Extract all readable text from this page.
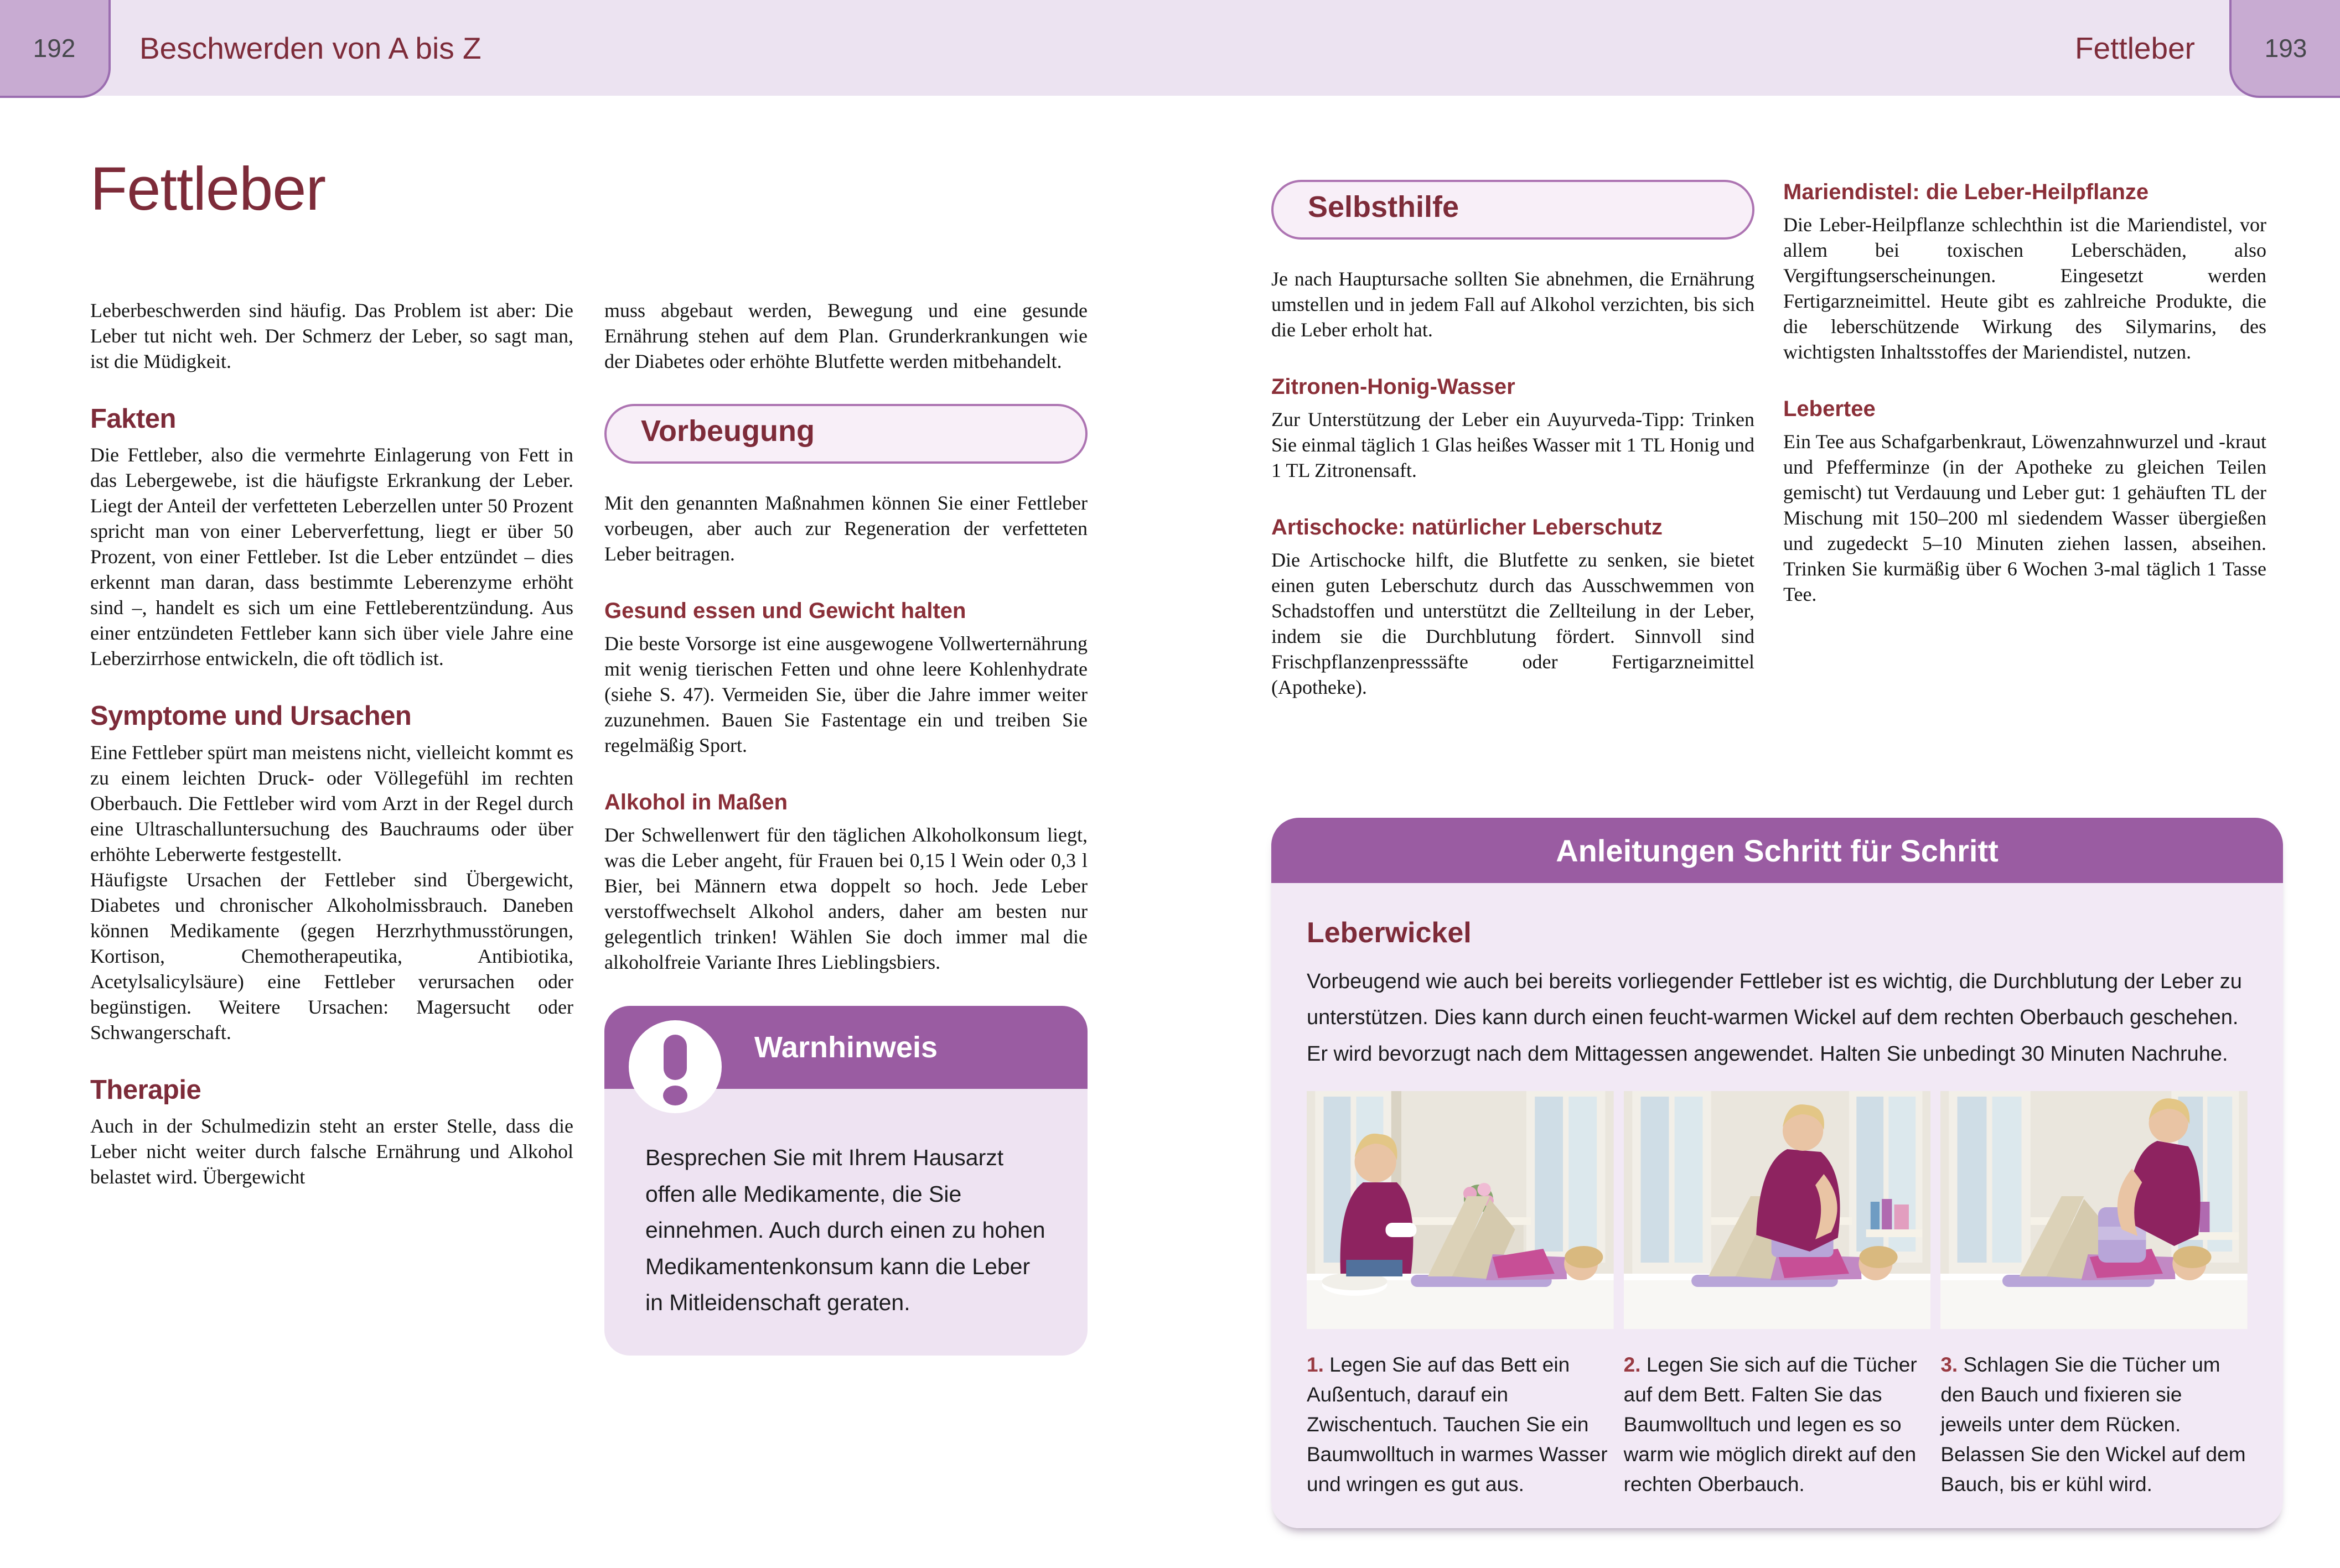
192 Beschwerden von A bis Z	Fettleber	193
Fettleber

Leberbeschwerden sind häufig. Das Problem ist aber: Die Leber tut nicht weh. Der Schmerz der Leber, so sagt man, ist die Müdigkeit.

Fakten

Die Fettleber, also die vermehrte Einlagerung von Fett in das Lebergewebe, ist die häufigste Erkrankung der Leber. Liegt der Anteil der verfetteten Leberzellen unter 50 Prozent spricht man von einer Leberverfettung, liegt er über 50 Prozent, von einer Fettleber. Ist die Leber entzündet – dies erkennt man daran, dass bestimmte Leberenzyme erhöht sind –, handelt es sich um eine Fettleberentzündung. Aus einer entzündeten Fettleber kann sich über viele Jahre eine Leberzirrhose entwickeln, die oft tödlich ist.

Symptome und Ursachen

Eine Fettleber spürt man meistens nicht, vielleicht kommt es zu einem leichten Druck- oder Völlegefühl im rechten Oberbauch. Die Fettleber wird vom Arzt in der Regel durch eine Ultraschalluntersuchung des Bauchraums oder über erhöhte Leberwerte festgestellt.

Häufigste Ursachen der Fettleber sind Übergewicht, Diabetes und chronischer Alkoholmissbrauch. Daneben können Medikamente (gegen Herzrhythmusstörungen, Kortison, Chemotherapeutika, Antibiotika, Acetylsalicylsäure) eine Fettleber verursachen oder begünstigen. Weitere Ursachen: Magersucht oder Schwangerschaft.

Therapie

Auch in der Schulmedizin steht an erster Stelle, dass die Leber nicht weiter durch falsche Ernährung und Alkohol belastet wird. Übergewicht

muss abgebaut werden, Bewegung und eine gesunde Ernährung stehen auf dem Plan. Grunderkrankungen wie der Diabetes oder erhöhte Blutfette werden mitbehandelt.

Vorbeugung

Mit den genannten Maßnahmen können Sie einer Fettleber vorbeugen, aber auch zur Regeneration der verfetteten Leber beitragen.

Gesund essen und Gewicht halten

Die beste Vorsorge ist eine ausgewogene Vollwerternährung mit wenig tierischen Fetten und ohne leere Kohlenhydrate (siehe S. 47). Vermeiden Sie, über die Jahre immer weiter zuzunehmen. Bauen Sie Fastentage ein und treiben Sie regelmäßig Sport.

Alkohol in Maßen

Der Schwellenwert für den täglichen Alkoholkonsum liegt, was die Leber angeht, für Frauen bei 0,15 l Wein oder 0,3 l Bier, bei Männern etwa doppelt so hoch. Jede Leber verstoffwechselt Alkohol anders, daher am besten nur gelegentlich trinken! Wählen Sie doch immer mal die alkoholfreie Variante Ihres Lieblingsbiers.

Warnhinweis
Besprechen Sie mit Ihrem Hausarzt offen alle Medikamente, die Sie einnehmen. Auch durch einen zu hohen Medikamentenkonsum kann die Leber in Mitleidenschaft geraten.
Selbsthilfe

Je nach Hauptursache sollten Sie abnehmen, die Ernährung umstellen und in jedem Fall auf Alkohol verzichten, bis sich die Leber erholt hat.

Zitronen-Honig-Wasser

Zur Unterstützung der Leber ein Auyurveda-Tipp: Trinken Sie einmal täglich 1 Glas heißes Wasser mit 1 TL Honig und 1 TL Zitronensaft.

Artischocke: natürlicher Leberschutz

Die Artischocke hilft, die Blutfette zu senken, sie bietet einen guten Leberschutz durch das Ausschwemmen von Schadstoffen und unterstützt die Zellteilung in der Leber, indem sie die Durchblutung fördert. Sinnvoll sind Frischpflanzenpresssäfte oder Fertigarzneimittel (Apotheke).

Mariendistel: die Leber-Heilpflanze

Die Leber-Heilpflanze schlechthin ist die Mariendistel, vor allem bei toxischen Leberschäden, also Vergiftungserscheinungen. Eingesetzt werden Fertigarzneimittel. Heute gibt es zahlreiche Produkte, die die leberschützende Wirkung des Silymarins, des wichtigsten Inhaltsstoffes der Mariendistel, nutzen.

Lebertee

Ein Tee aus Schafgarbenkraut, Löwenzahnwurzel und -kraut und Pfefferminze (in der Apotheke zu gleichen Teilen gemischt) tut Verdauung und Leber gut: 1 gehäuften TL der Mischung mit 150–200 ml siedendem Wasser übergießen und zugedeckt 5–10 Minuten ziehen lassen, abseihen. Trinken Sie kurmäßig über 6 Wochen 3-mal täglich 1 Tasse Tee.

Anleitungen Schritt für Schritt
Leberwickel

Vorbeugend wie auch bei bereits vorliegender Fettleber ist es wichtig, die Durchblutung der Leber zu unterstützen. Dies kann durch einen feucht-warmen Wickel auf dem rechten Oberbauch geschehen. Er wird bevorzugt nach dem Mittagessen angewendet. Halten Sie unbedingt 30 Minuten Nachruhe.

1. Legen Sie auf das Bett ein Außentuch, darauf ein Zwischentuch. Tauchen Sie ein Baumwolltuch in warmes Wasser und wringen es gut aus.

2. Legen Sie sich auf die Tücher auf dem Bett. Falten Sie das Baumwolltuch und legen es so warm wie möglich direkt auf den rechten Oberbauch.

3. Schlagen Sie die Tücher um den Bauch und fixieren sie jeweils unter dem Rücken. Belassen Sie den Wickel auf dem Bauch, bis er kühl wird.
